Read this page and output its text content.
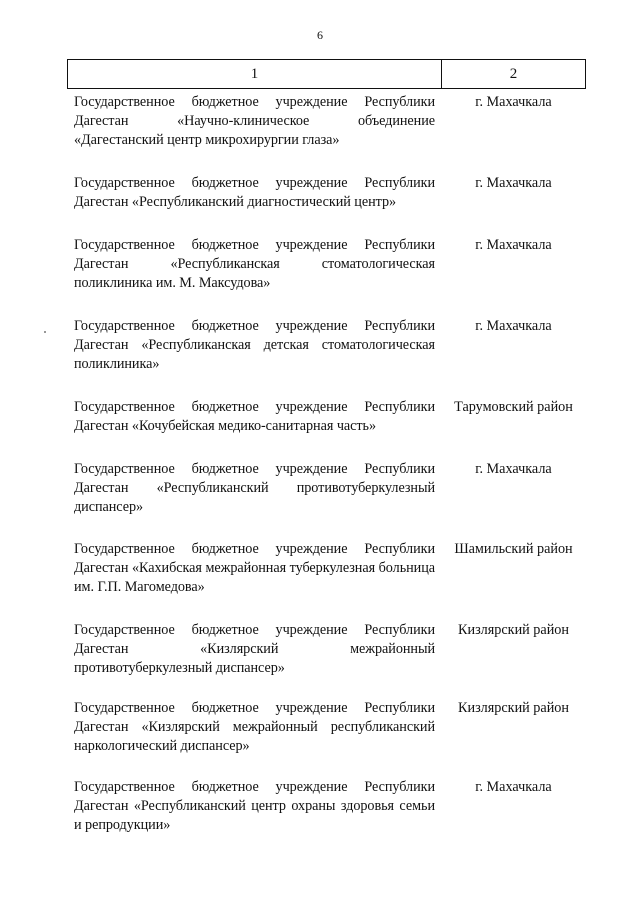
6
1	2
Государственное бюджетное учреждение Республики Дагестан «Научно-клиническое объединение «Дагестанский центр микрохирургии глаза»
г. Махачкала
Государственное бюджетное учреждение Республики Дагестан «Республиканский диагностический центр»
г. Махачкала
Государственное бюджетное учреждение Республики Дагестан «Республиканская стоматологическая поликлиника им. М. Максудова»
г. Махачкала
Государственное бюджетное учреждение Республики Дагестан «Республиканская детская стоматологическая поликлиника»
г. Махачкала
Государственное бюджетное учреждение Республики Дагестан «Кочубейская медико-санитарная часть»
Тарумовский район
Государственное бюджетное учреждение Республики Дагестан «Республиканский противотуберкулезный диспансер»
г. Махачкала
Государственное бюджетное учреждение Республики Дагестан «Кахибская межрайонная туберкулезная больница им. Г.П. Магомедова»
Шамильский район
Государственное бюджетное учреждение Республики Дагестан «Кизлярский межрайонный противотуберкулезный диспансер»
Кизлярский район
Государственное бюджетное учреждение Республики Дагестан «Кизлярский межрайонный республиканский наркологический диспансер»
Кизлярский район
Государственное бюджетное учреждение Республики Дагестан «Республиканский центр охраны здоровья семьи и репродукции»
г. Махачкала
